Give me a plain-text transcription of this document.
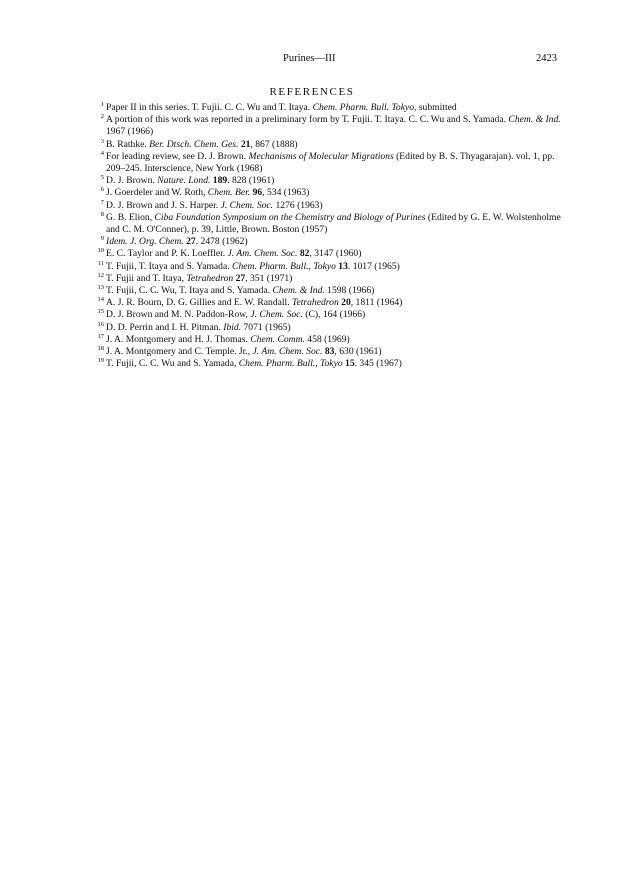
Purines—III	2423
REFERENCES
1 Paper II in this series. T. Fujii. C. C. Wu and T. Itaya. Chem. Pharm. Bull. Tokyo, submitted
2 A portion of this work was reported in a preliminary form by T. Fujii. T. Itaya. C. C. Wu and S. Yamada. Chem. & Ind. 1967 (1966)
3 B. Rathke. Ber. Dtsch. Chem. Ges. 21, 867 (1888)
4 For leading review, see D. J. Brown. Mechanisms of Molecular Migrations (Edited by B. S. Thyagarajan). vol. 1, pp. 209–245. Interscience, New York (1968)
5 D. J. Brown. Nature. Lond. 189. 828 (1961)
6 J. Goerdeler and W. Roth, Chem. Ber. 96, 534 (1963)
7 D. J. Brown and J. S. Harper. J. Chem. Soc. 1276 (1963)
8 G. B. Elion, Ciba Foundation Symposium on the Chemistry and Biology of Purines (Edited by G. E. W. Wolstenholme and C. M. O'Conner), p. 39, Little, Brown. Boston (1957)
9 Idem. J. Org. Chem. 27. 2478 (1962)
10 E. C. Taylor and P. K. Loeffler. J. Am. Chem. Soc. 82, 3147 (1960)
11 T. Fujii, T. Itaya and S. Yamada. Chem. Pharm. Bull., Tokyo 13. 1017 (1965)
12 T. Fujii and T. Itaya, Tetrahedron 27, 351 (1971)
13 T. Fujii, C. C. Wu, T. Itaya and S. Yamada. Chem. & Ind. 1598 (1966)
14 A. J. R. Bourn, D. G. Gillies and E. W. Randall. Tetrahedron 20, 1811 (1964)
15 D. J. Brown and M. N. Paddon-Row, J. Chem. Soc. (C), 164 (1966)
16 D. D. Perrin and I. H. Pitman. Ibid. 7071 (1965)
17 J. A. Montgomery and H. J. Thomas. Chem. Comm. 458 (1969)
18 J. A. Montgomery and C. Temple. Jr., J. Am. Chem. Soc. 83, 630 (1961)
19 T. Fujii, C. C. Wu and S. Yamada, Chem. Pharm. Bull., Tokyo 15. 345 (1967)
